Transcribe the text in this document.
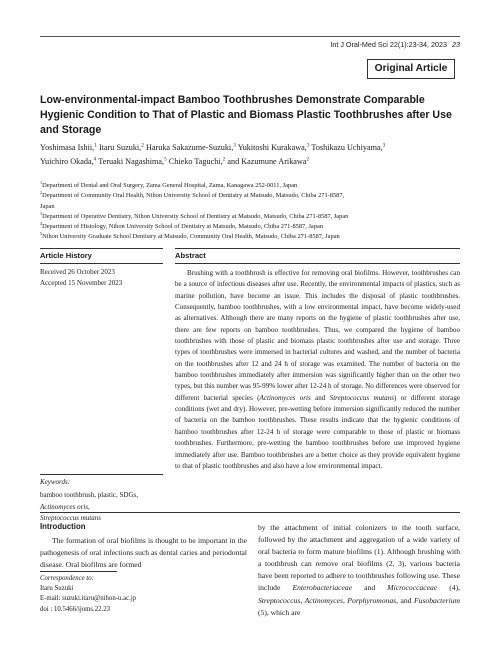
Int J Oral-Med Sci 22(1):23-34, 2023 23
Original Article
Low-environmental-impact Bamboo Toothbrushes Demonstrate Comparable Hygienic Condition to That of Plastic and Biomass Plastic Toothbrushes after Use and Storage
Yoshimasa Ishii,$^1$ Itaru Suzuki,$^2$ Haruka Sakazume-Suzuki,$^3$ Yukitoshi Kurakawa,$^3$ Toshikazu Uchiyama,$^3$
Yuichiro Okada,$^4$ Teruaki Nagashima,$^5$ Chieko Taguchi,$^2$ and Kazumune Arikawa$^2$
$^1$Department of Dental and Oral Surgery, Zama General Hospital, Zama, Kanagawa 252-0011, Japan
$^2$Department of Community Oral Health, Nihon University School of Dentistry at Matsudo, Matsudo, Chiba 271-8587,
Japan
$^3$Department of Operative Dentistry, Nihon University School of Dentistry at Matsudo, Matsudo, Chiba 271-8587, Japan
$^4$Department of Histology, Nihon University School of Dentistry at Matsudo, Matsudo, Chiba 271-8587, Japan
$^5$Nihon University Graduate School Dentistry at Matsudo, Community Oral Health, Matsudo, Chiba 271-8587, Japan
Article History
Received 26 October 2023
Accepted 15 November 2023
Keywords:
bamboo toothbrush, plastic, SDGs,
Actinomyces oris,
Streptococcus mutans
Abstract

Brushing with a toothbrush is effective for removing oral biofilms. However, toothbrushes can be a source of infectious diseases after use. Recently, the environmental impacts of plastics, such as marine pollution, have become an issue. This includes the disposal of plastic toothbrushes. Consequently, bamboo toothbrushes, with a low environmental impact, have become widely-used as alternatives. Although there are many reports on the hygiene of plastic toothbrushes after use, there are few reports on bamboo toothbrushes. Thus, we compared the hygiene of bamboo toothbrushes with those of plastic and biomass plastic toothbrushes after use and storage. Three types of toothbrushes were immersed in bacterial cultures and washed, and the number of bacteria on the toothbrushes after 12 and 24 h of storage was examined. The number of bacteria on the bamboo toothbrushes immediately after immersion was significantly higher than on the other two types, but this number was 95-99% lower after 12-24 h of storage. No differences were observed for different bacterial species (Actinomyces oris and Streptococcus mutans) or different storage conditions (wet and dry). However, pre-wetting before immersion significantly reduced the number of bacteria on the bamboo toothbrushes. These results indicate that the hygienic conditions of bamboo toothbrushes after 12-24 h of storage were comparable to those of plastic or biomass toothbrushes. Furthermore, pre-wetting the bamboo toothbrushes before use improved hygiene immediately after use. Bamboo toothbrushes are a better choice as they provide equivalent hygiene to that of plastic toothbrushes and also have a low environmental impact.

Introduction

The formation of oral biofilms is thought to be important in the pathogenesis of oral infections such as dental caries and periodontal disease. Oral biofilms are formed

by the attachment of initial colonizers to the tooth surface, followed by the attachment and aggregation of a wide variety of oral bacteria to form mature biofilms (1). Although brushing with a toothbrush can remove oral biofilms (2, 3), various bacteria have been reported to adhere to toothbrushes following use. These include Enterobacteriaceae and Micrococcaceae (4), Streptococcus, Actinomyces, Porphyromonas, and Fusobacterium (5), which are

Correspondence to:
Itaru Suzuki
E-mail: suzuki.itaru@nihon-u.ac.jp
doi : 10.5466/ijoms.22.23
